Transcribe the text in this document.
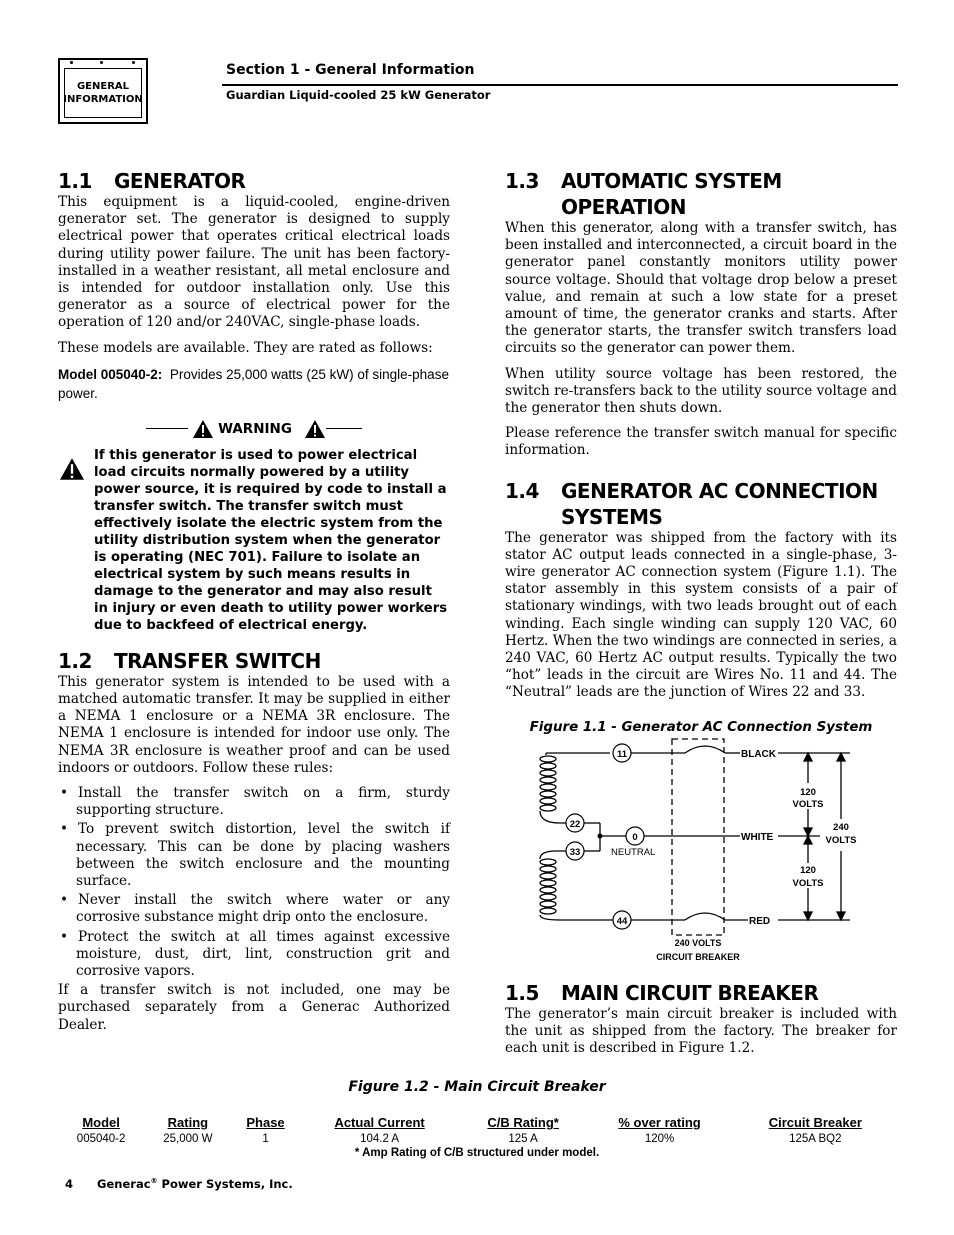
GENERAL
INFORMATION
Section 1 - General Information
Guardian Liquid-cooled 25 kW Generator
1.1	GENERATOR

This equipment is a liquid-cooled, engine-driven generator set. The generator is designed to supply electrical power that operates critical electrical loads during utility power failure. The unit has been factory-installed in a weather resistant, all metal enclosure and is intended for outdoor installation only. Use this generator as a source of electrical power for the operation of 120 and/or 240VAC, single-phase loads.

These models are available. They are rated as follows:

Model 005040-2: Provides 25,000 watts (25 kW) of single-phase power.
WARNING
If this generator is used to power electrical load circuits normally powered by a utility power source, it is required by code to install a transfer switch. The transfer switch must effectively isolate the electric system from the utility distribution system when the generator is operating (NEC 701). Failure to isolate an electrical system by such means results in damage to the generator and may also result in injury or even death to utility power workers due to backfeed of electrical energy.
1.2	TRANSFER SWITCH

This generator system is intended to be used with a matched automatic transfer. It may be supplied in either a NEMA 1 enclosure or a NEMA 3R enclosure. The NEMA 1 enclosure is intended for indoor use only. The NEMA 3R enclosure is weather proof and can be used indoors or outdoors. Follow these rules:

• Install the transfer switch on a firm, sturdy supporting structure.
• To prevent switch distortion, level the switch if necessary. This can be done by placing washers between the switch enclosure and the mounting surface.
• Never install the switch where water or any corrosive substance might drip onto the enclosure.
• Protect the switch at all times against excessive moisture, dust, dirt, lint, construction grit and corrosive vapors.

If a transfer switch is not included, one may be purchased separately from a Generac Authorized Dealer.

1.3	AUTOMATIC SYSTEM OPERATION

When this generator, along with a transfer switch, has been installed and interconnected, a circuit board in the generator panel constantly monitors utility power source voltage. Should that voltage drop below a preset value, and remain at such a low state for a preset amount of time, the generator cranks and starts. After the generator starts, the transfer switch transfers load circuits so the generator can power them.

When utility source voltage has been restored, the switch re-transfers back to the utility source voltage and the generator then shuts down.

Please reference the transfer switch manual for specific information.

1.4	GENERATOR AC CONNECTION
SYSTEMS

The generator was shipped from the factory with its stator AC output leads connected in a single-phase, 3-wire generator AC connection system (Figure 1.1). The stator assembly in this system consists of a pair of stationary windings, with two leads brought out of each winding. Each single winding can supply 120 VAC, 60 Hertz. When the two windings are connected in series, a 240 VAC, 60 Hertz AC output results. Typically the two “hot” leads in the circuit are Wires No. 11 and 44. The “Neutral” leads are the junction of Wires 22 and 33.

Figure 1.1 - Generator AC Connection System
11
22
33
0
44
BLACK
WHITE
RED
NEUTRAL
240 VOLTS
CIRCUIT BREAKER
120
VOLTS
120
VOLTS
240
VOLTS
1.5	MAIN CIRCUIT BREAKER

The generator’s main circuit breaker is included with the unit as shipped from the factory. The breaker for each unit is described in Figure 1.2.

Figure 1.2 - Main Circuit Breaker
Model	Rating	Phase	Actual Current	C/B Rating*	% over rating	Circuit Breaker
005040-2	25,000 W	1	104.2 A	125 A	120%	125A BQ2
* Amp Rating of C/B structured under model.
4 Generac® Power Systems, Inc.
